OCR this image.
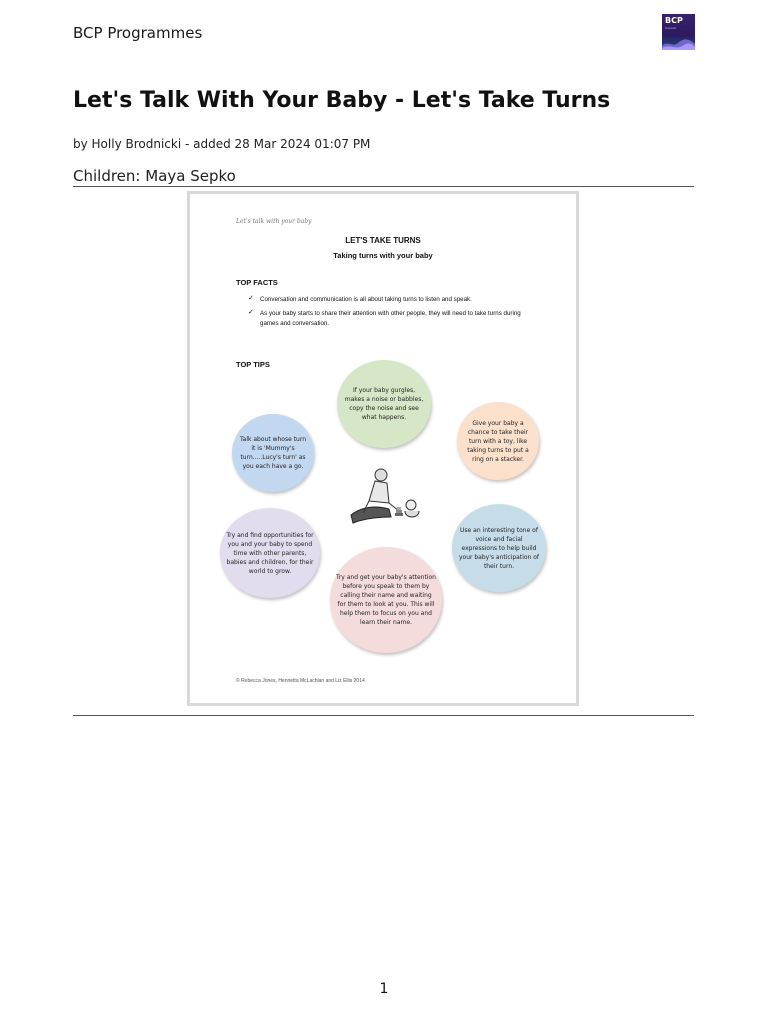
BCP Programmes
BCP
Council
Let's Talk With Your Baby - Let's Take Turns
by Holly Brodnicki - added 28 Mar 2024 01:07 PM
Children: Maya Sepko
Let's talk with your baby
LET'S TAKE TURNS
Taking turns with your baby
TOP FACTS
✓ Conversation and communication is all about taking turns to listen and speak.
✓ As your baby starts to share their attention with other people, they will need to take turns during games and conversation.
TOP TIPS
If your baby gurgles, makes a noise or babbles, copy the noise and see what happens.
Give your baby a chance to take their turn with a toy, like taking turns to put a ring on a stacker.
Talk about whose turn it is 'Mummy's turn.....Lucy's turn' as you each have a go.
Try and find opportunities for you and your baby to spend time with other parents, babies and children, for their world to grow.
Use an interesting tone of voice and facial expressions to help build your baby's anticipation of their turn.
Try and get your baby's attention before you speak to them by calling their name and waiting for them to look at you. This will help them to focus on you and learn their name.
© Rebecca Jones, Henrietta McLachlan and Liz Ellis 2014
1
